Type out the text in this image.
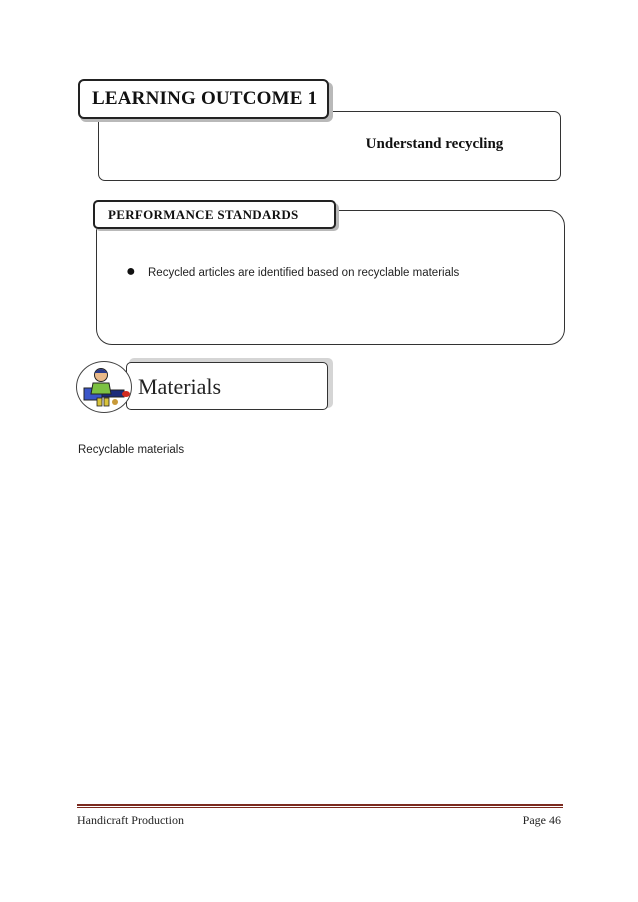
LEARNING OUTCOME 1
Understand recycling
PERFORMANCE STANDARDS
● Recycled articles are identified based on recyclable materials
Materials
Recyclable materials
Handicraft Production	Page 46
